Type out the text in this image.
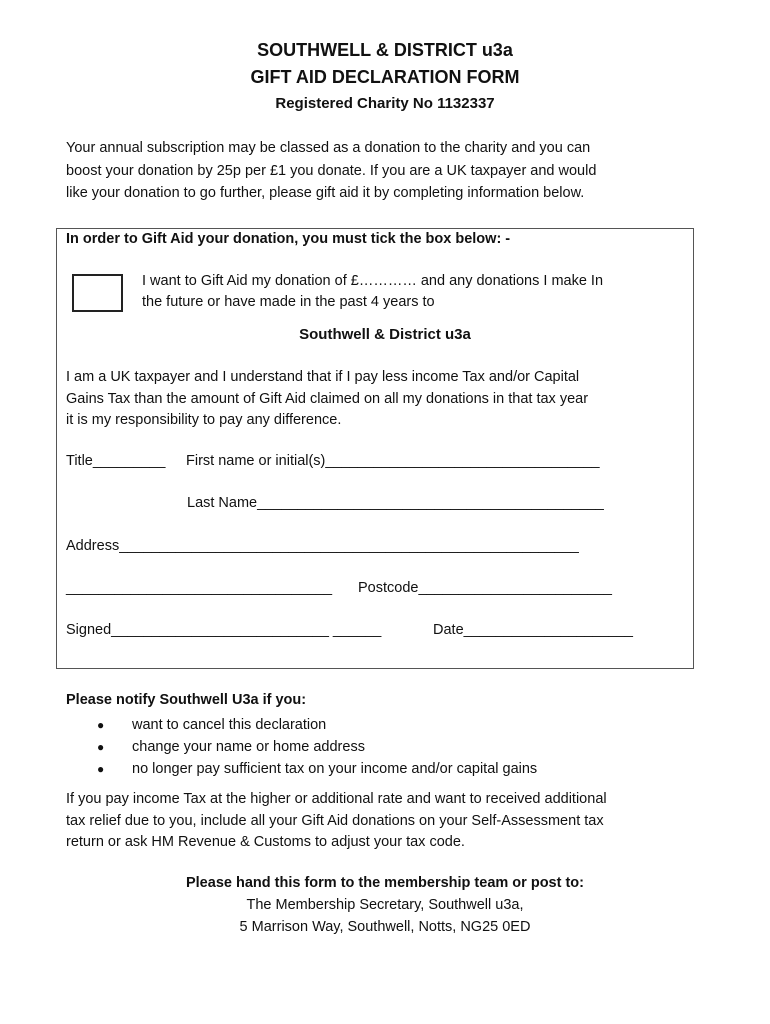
SOUTHWELL & DISTRICT u3a
GIFT AID DECLARATION FORM
Registered Charity No 1132337
Your annual subscription may be classed as a donation to the charity and you can
boost your donation by 25p per £1 you donate. If you are a UK taxpayer and would
like your donation to go further, please gift aid it by completing information below.
In order to Gift Aid your donation, you must tick the box below: -
I want to Gift Aid my donation of £………… and any donations I make In
the future or have made in the past 4 years to
Southwell & District u3a
I am a UK taxpayer and I understand that if I pay less income Tax and/or Capital
Gains Tax than the amount of Gift Aid claimed on all my donations in that tax year
it is my responsibility to pay any difference.
Title_________ First name or initial(s)__________________________________
Last Name___________________________________________
Address_________________________________________________________
_________________________________ Postcode________________________
Signed___________________________ ______	Date_____________________
Please notify Southwell U3a if you:
● want to cancel this declaration
● change your name or home address
● no longer pay sufficient tax on your income and/or capital gains
If you pay income Tax at the higher or additional rate and want to received additional
tax relief due to you, include all your Gift Aid donations on your Self-Assessment tax
return or ask HM Revenue & Customs to adjust your tax code.
Please hand this form to the membership team or post to:
The Membership Secretary, Southwell u3a,
5 Marrison Way, Southwell, Notts, NG25 0ED
